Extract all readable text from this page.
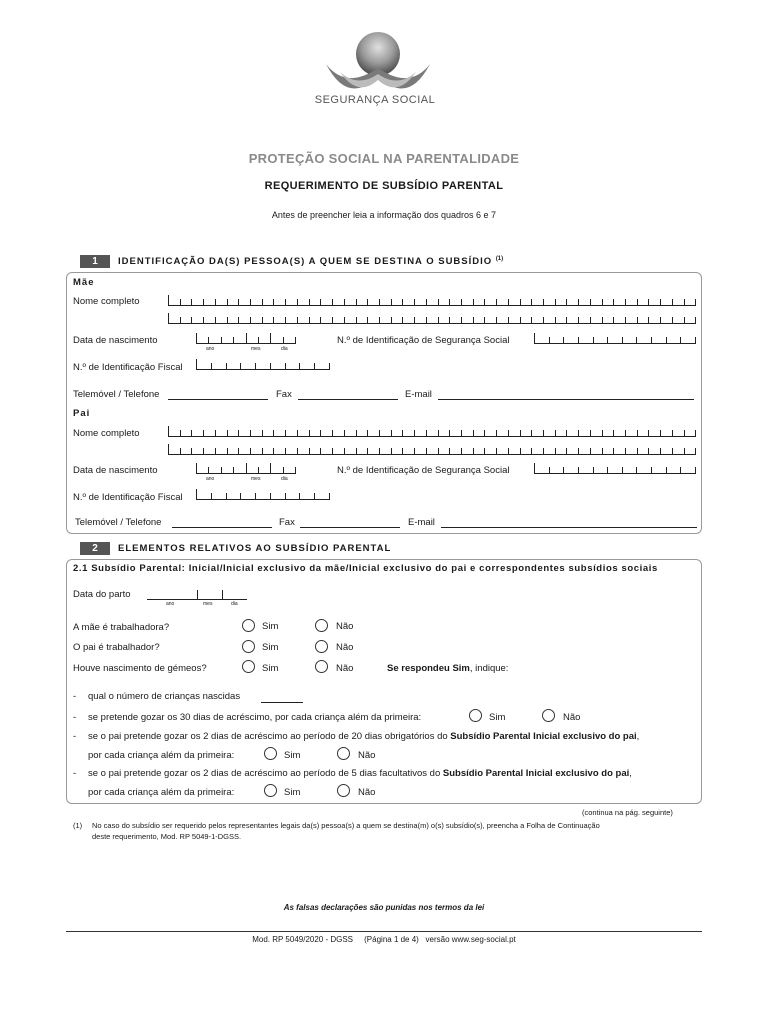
SEGURANÇA SOCIAL
PROTEÇÃO SOCIAL NA PARENTALIDADE
REQUERIMENTO DE SUBSÍDIO PARENTAL
Antes de preencher leia a informação dos quadros 6 e 7
1	IDENTIFICAÇÃO DA(S) PESSOA(S) A QUEM SE DESTINA O SUBSÍDIO $^{(1)}$
Mãe
Nome completo
Data de nascimento
ano	mes	dia
N.º de Identificação de Segurança Social
N.º de Identificação Fiscal
Telemóvel / Telefone	Fax	E-mail
Pai
Nome completo
Data de nascimento
ano	mes	dia
N.º de Identificação de Segurança Social
N.º de Identificação Fiscal
Telemóvel / Telefone	Fax	E-mail
2	ELEMENTOS RELATIVOS AO SUBSÍDIO PARENTAL
2.1 Subsídio Parental: Inicial/Inicial exclusivo da mãe/Inicial exclusivo do pai e correspondentes subsídios sociais
Data do parto
ano	mes	dia
A mãe é trabalhadora?	Sim	Não
O pai é trabalhador?	Sim	Não
Houve nascimento de gémeos?	Sim	Não	Se respondeu Sim, indique:
- qual o número de crianças nascidas
- se pretende gozar os 30 dias de acréscimo, por cada criança além da primeira:	Sim	Não
- se o pai pretende gozar os 2 dias de acréscimo ao período de 20 dias obrigatórios do Subsídio Parental Inicial exclusivo do pai,
por cada criança além da primeira:	Sim	Não
- se o pai pretende gozar os 2 dias de acréscimo ao período de 5 dias facultativos do Subsídio Parental Inicial exclusivo do pai,
por cada criança além da primeira:	Sim	Não
(continua na pág. seguinte)
(1) No caso do subsídio ser requerido pelos representantes legais da(s) pessoa(s) a quem se destina(m) o(s) subsídio(s), preencha a Folha de Continuação
deste requerimento, Mod. RP 5049-1-DGSS.
As falsas declarações são punidas nos termos da lei
Mod. RP 5049/2020 - DGSS (Página 1 de 4) versão www.seg-social.pt
